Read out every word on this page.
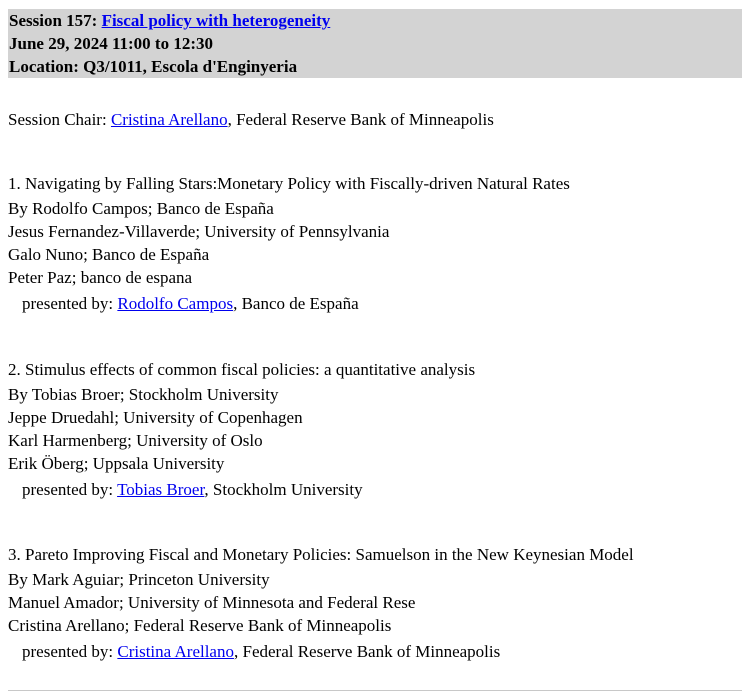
Session 157: Fiscal policy with heterogeneity
June 29, 2024 11:00 to 12:30
Location: Q3/1011, Escola d'Enginyeria
Session Chair: Cristina Arellano, Federal Reserve Bank of Minneapolis
1. Navigating by Falling Stars:Monetary Policy with Fiscally-driven Natural Rates
By Rodolfo Campos; Banco de España
Jesus Fernandez-Villaverde; University of Pennsylvania
Galo Nuno; Banco de España
Peter Paz; banco de espana
presented by: Rodolfo Campos, Banco de España
2. Stimulus effects of common fiscal policies: a quantitative analysis
By Tobias Broer; Stockholm University
Jeppe Druedahl; University of Copenhagen
Karl Harmenberg; University of Oslo
Erik Öberg; Uppsala University
presented by: Tobias Broer, Stockholm University
3. Pareto Improving Fiscal and Monetary Policies: Samuelson in the New Keynesian Model
By Mark Aguiar; Princeton University
Manuel Amador; University of Minnesota and Federal Rese
Cristina Arellano; Federal Reserve Bank of Minneapolis
presented by: Cristina Arellano, Federal Reserve Bank of Minneapolis
